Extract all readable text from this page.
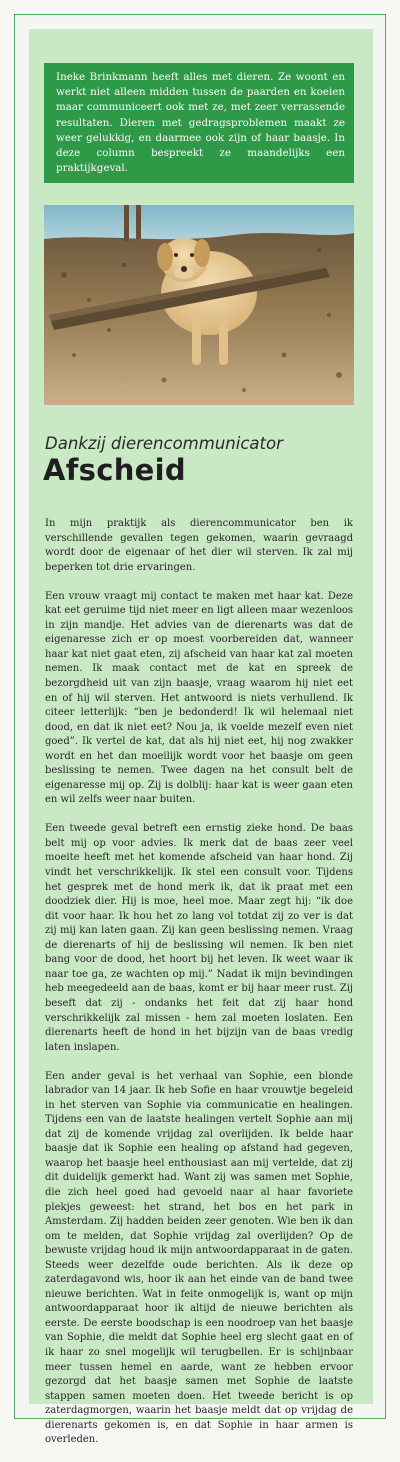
Ineke Brinkmann heeft alles met dieren. Ze woont en werkt niet alleen midden tussen de paarden en koeien maar communiceert ook met ze, met zeer verrassende resultaten. Dieren met gedragsproblemen maakt ze weer gelukkig, en daarmee ook zijn of haar baasje. In deze column bespreekt ze maandelijks een praktijkgeval.
Dankzij dierencommunicator
Afscheid

In mijn praktijk als dierencommunicator ben ik verschillende gevallen tegen gekomen, waarin gevraagd wordt door de eigenaar of het dier wil sterven. Ik zal mij beperken tot drie ervaringen.

Een vrouw vraagt mij contact te maken met haar kat. Deze kat eet geruime tijd niet meer en ligt alleen maar wezenloos in zijn mandje. Het advies van de dierenarts was dat de eigenaresse zich er op moest voorbereiden dat, wanneer haar kat niet gaat eten, zij afscheid van haar kat zal moeten nemen. Ik maak contact met de kat en spreek de bezorgdheid uit van zijn baasje, vraag waarom hij niet eet en of hij wil sterven. Het antwoord is niets verhullend. Ik citeer letterlijk: “ben je bedonderd! Ik wil helemaal niet dood, en dat ik niet eet? Nou ja, ik voelde mezelf even niet goed”. Ik vertel de kat, dat als hij niet eet, hij nog zwakker wordt en het dan moeilijk wordt voor het baasje om geen beslissing te nemen. Twee dagen na het consult belt de eigenaresse mij op. Zij is dolblij: haar kat is weer gaan eten en wil zelfs weer naar buiten.

Een tweede geval betreft een ernstig zieke hond. De baas belt mij op voor advies. Ik merk dat de baas zeer veel moeite heeft met het komende afscheid van haar hond. Zij vindt het verschrikkelijk. Ik stel een consult voor. Tijdens het gesprek met de hond merk ik, dat ik praat met een doodziek dier. Hij is moe, heel moe. Maar zegt hij: “ik doe dit voor haar. Ik hou het zo lang vol totdat zij zo ver is dat zij mij kan laten gaan. Zij kan geen beslissing nemen. Vraag de dierenarts of hij de beslissing wil nemen. Ik ben niet bang voor de dood, het hoort bij het leven. Ik weet waar ik naar toe ga, ze wachten op mij.” Nadat ik mijn bevindingen heb meegedeeld aan de baas, komt er bij haar meer rust. Zij beseft dat zij - ondanks het feit dat zij haar hond verschrikkelijk zal missen - hem zal moeten loslaten. Een dierenarts heeft de hond in het bijzijn van de baas vredig laten inslapen.

Een ander geval is het verhaal van Sophie, een blonde labrador van 14 jaar. Ik heb Sofie en haar vrouwtje begeleid in het sterven van Sophie via communicatie en healingen. Tijdens een van de laatste healingen vertelt Sophie aan mij dat zij de komende vrijdag zal overlijden. Ik belde haar baasje dat ik Sophie een healing op afstand had gegeven, waarop het baasje heel enthousiast aan mij vertelde, dat zij dit duidelijk gemerkt had. Want zij was samen met Sophie, die zich heel goed had gevoeld naar al haar favoriete plekjes geweest: het strand, het bos en het park in Amsterdam. Zij hadden beiden zeer genoten. Wie ben ik dan om te melden, dat Sophie vrijdag zal overlijden? Op de bewuste vrijdag houd ik mijn antwoordapparaat in de gaten. Steeds weer dezelfde oude berichten. Als ik deze op zaterdagavond wis, hoor ik aan het einde van de band twee nieuwe berichten. Wat in feite onmogelijk is, want op mijn antwoordapparaat hoor ik altijd de nieuwe berichten als eerste. De eerste boodschap is een noodroep van het baasje van Sophie, die meldt dat Sophie heel erg slecht gaat en of ik haar zo snel mogelijk wil terugbellen. Er is schijnbaar meer tussen hemel en aarde, want ze hebben ervoor gezorgd dat het baasje samen met Sophie de laatste stappen samen moeten doen. Het tweede bericht is op zaterdagmorgen, waarin het baasje meldt dat op vrijdag de dierenarts gekomen is, en dat Sophie in haar armen is overleden.
